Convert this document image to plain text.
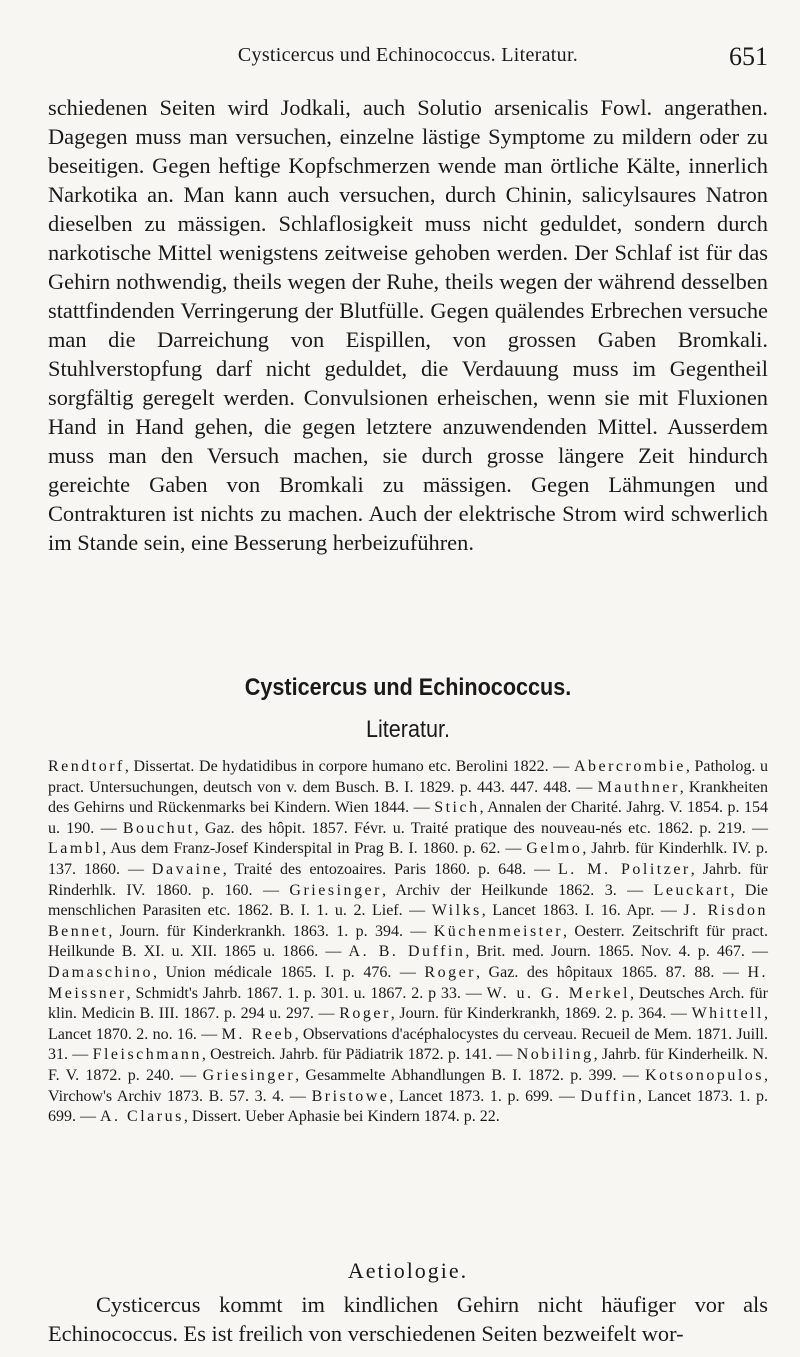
Cysticercus und Echinococcus. Literatur.	651

schiedenen Seiten wird Jodkali, auch Solutio arsenicalis Fowl. angerathen. Dagegen muss man versuchen, einzelne lästige Symptome zu mildern oder zu beseitigen. Gegen heftige Kopfschmerzen wende man örtliche Kälte, innerlich Narkotika an. Man kann auch versuchen, durch Chinin, salicylsaures Natron dieselben zu mässigen. Schlaflosigkeit muss nicht geduldet, sondern durch narkotische Mittel wenigstens zeitweise gehoben werden. Der Schlaf ist für das Gehirn nothwendig, theils wegen der Ruhe, theils wegen der während desselben stattfindenden Verringerung der Blutfülle. Gegen quälendes Erbrechen versuche man die Darreichung von Eispillen, von grossen Gaben Bromkali. Stuhlverstopfung darf nicht geduldet, die Verdauung muss im Gegentheil sorgfältig geregelt werden. Convulsionen erheischen, wenn sie mit Fluxionen Hand in Hand gehen, die gegen letztere anzuwendenden Mittel. Ausserdem muss man den Versuch machen, sie durch grosse längere Zeit hindurch gereichte Gaben von Bromkali zu mässigen. Gegen Lähmungen und Contrakturen ist nichts zu machen. Auch der elektrische Strom wird schwerlich im Stande sein, eine Besserung herbeizuführen.

Cysticercus und Echinococcus.
Literatur.
Rendtorf, Dissertat. De hydatidibus in corpore humano etc. Berolini 1822. — Abercrombie, Patholog. u pract. Untersuchungen, deutsch von v. dem Busch. B. I. 1829. p. 443. 447. 448. — Mauthner, Krankheiten des Gehirns und Rückenmarks bei Kindern. Wien 1844. — Stich, Annalen der Charité. Jahrg. V. 1854. p. 154 u. 190. — Bouchut, Gaz. des hôpit. 1857. Févr. u. Traité pratique des nouveau-nés etc. 1862. p. 219. — Lambl, Aus dem Franz-Josef Kinderspital in Prag B. I. 1860. p. 62. — Gelmo, Jahrb. für Kinderhlk. IV. p. 137. 1860. — Davaine, Traité des entozoaires. Paris 1860. p. 648. — L. M. Politzer, Jahrb. für Rinderhlk. IV. 1860. p. 160. — Griesinger, Archiv der Heilkunde 1862. 3. — Leuckart, Die menschlichen Parasiten etc. 1862. B. I. 1. u. 2. Lief. — Wilks, Lancet 1863. I. 16. Apr. — J. Risdon Bennet, Journ. für Kinderkrankh. 1863. 1. p. 394. — Küchenmeister, Oesterr. Zeitschrift für pract. Heilkunde B. XI. u. XII. 1865 u. 1866. — A. B. Duffin, Brit. med. Journ. 1865. Nov. 4. p. 467. — Damaschino, Union médicale 1865. I. p. 476. — Roger, Gaz. des hôpitaux 1865. 87. 88. — H. Meissner, Schmidt's Jahrb. 1867. 1. p. 301. u. 1867. 2. p 33. — W. u. G. Merkel, Deutsches Arch. für klin. Medicin B. III. 1867. p. 294 u. 297. — Roger, Journ. für Kinderkrankh, 1869. 2. p. 364. — Whittell, Lancet 1870. 2. no. 16. — M. Reeb, Observations d'acéphalocystes du cerveau. Recueil de Mem. 1871. Juill. 31. — Fleischmann, Oestreich. Jahrb. für Pädiatrik 1872. p. 141. — Nobiling, Jahrb. für Kinderheilk. N. F. V. 1872. p. 240. — Griesinger, Gesammelte Abhandlungen B. I. 1872. p. 399. — Kotsonopulos, Virchow's Archiv 1873. B. 57. 3. 4. — Bristowe, Lancet 1873. 1. p. 699. — Duffin, Lancet 1873. 1. p. 699. — A. Clarus, Dissert. Ueber Aphasie bei Kindern 1874. p. 22.
Aetiologie.

Cysticercus kommt im kindlichen Gehirn nicht häufiger vor als Echinococcus. Es ist freilich von verschiedenen Seiten bezweifelt wor-
